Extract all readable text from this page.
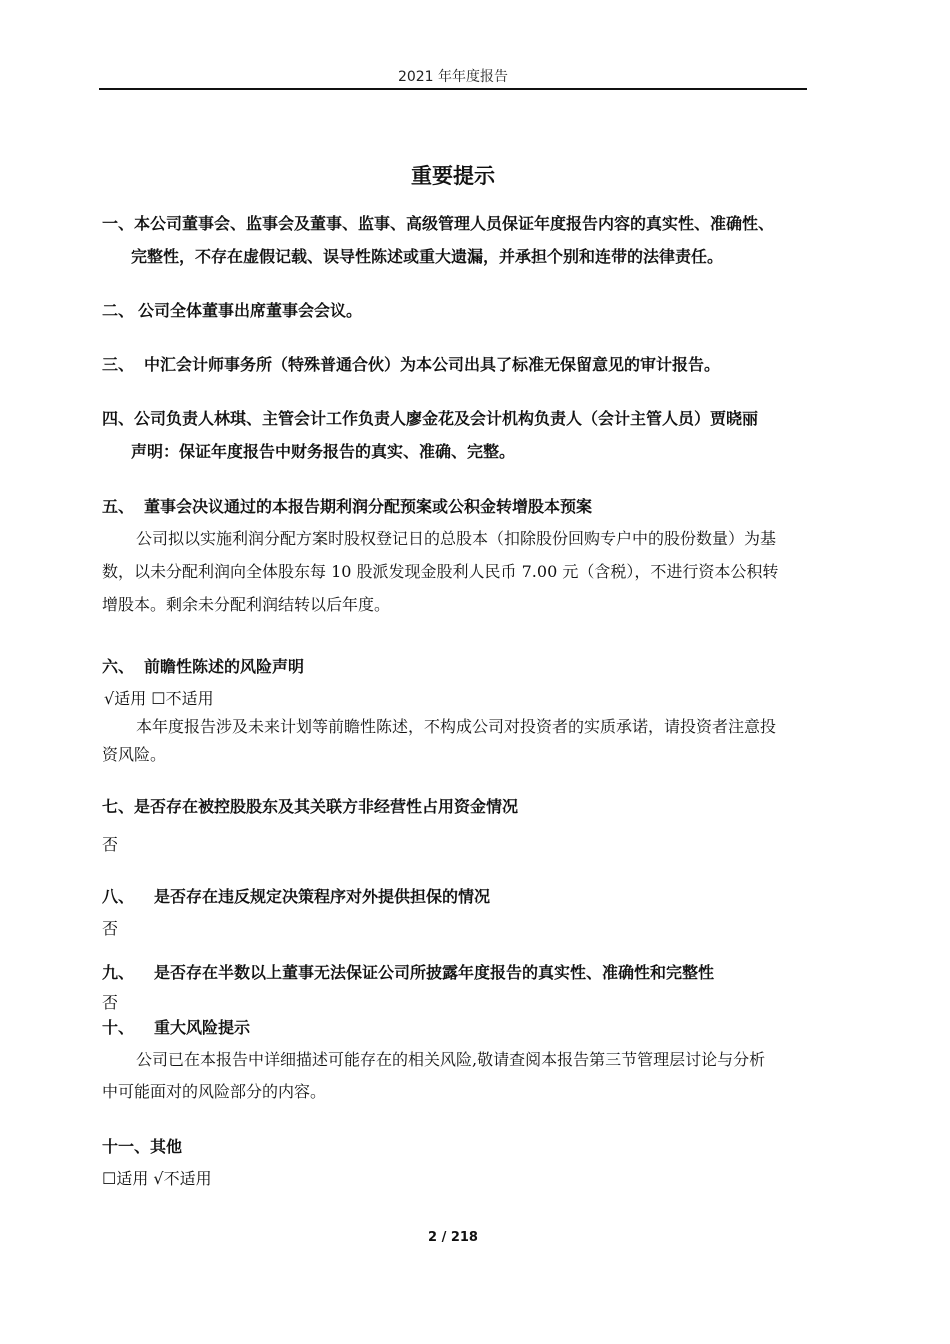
2021 年年度报告
重要提示
一、本公司董事会、监事会及董事、监事、高级管理人员保证年度报告内容的真实性、准确性、
完整性，不存在虚假记载、误导性陈述或重大遗漏，并承担个别和连带的法律责任。
二、 公司全体董事出席董事会会议。
三、 中汇会计师事务所（特殊普通合伙）为本公司出具了标准无保留意见的审计报告。
四、公司负责人林琪、主管会计工作负责人廖金花及会计机构负责人（会计主管人员）贾晓丽
声明：保证年度报告中财务报告的真实、准确、完整。
五、 董事会决议通过的本报告期利润分配预案或公积金转增股本预案
公司拟以实施利润分配方案时股权登记日的总股本（扣除股份回购专户中的股份数量）为基
数，以未分配利润向全体股东每 10 股派发现金股利人民币 7.00 元（含税），不进行资本公积转
增股本。剩余未分配利润结转以后年度。
六、 前瞻性陈述的风险声明
√适用 ☐不适用
本年度报告涉及未来计划等前瞻性陈述，不构成公司对投资者的实质承诺，请投资者注意投
资风险。
七、是否存在被控股股东及其关联方非经营性占用资金情况
否
八、 是否存在违反规定决策程序对外提供担保的情况
否
九、 是否存在半数以上董事无法保证公司所披露年度报告的真实性、准确性和完整性
否
十、 重大风险提示
公司已在本报告中详细描述可能存在的相关风险,敬请查阅本报告第三节管理层讨论与分析
中可能面对的风险部分的内容。
十一、其他
☐适用 √不适用
2 / 218
